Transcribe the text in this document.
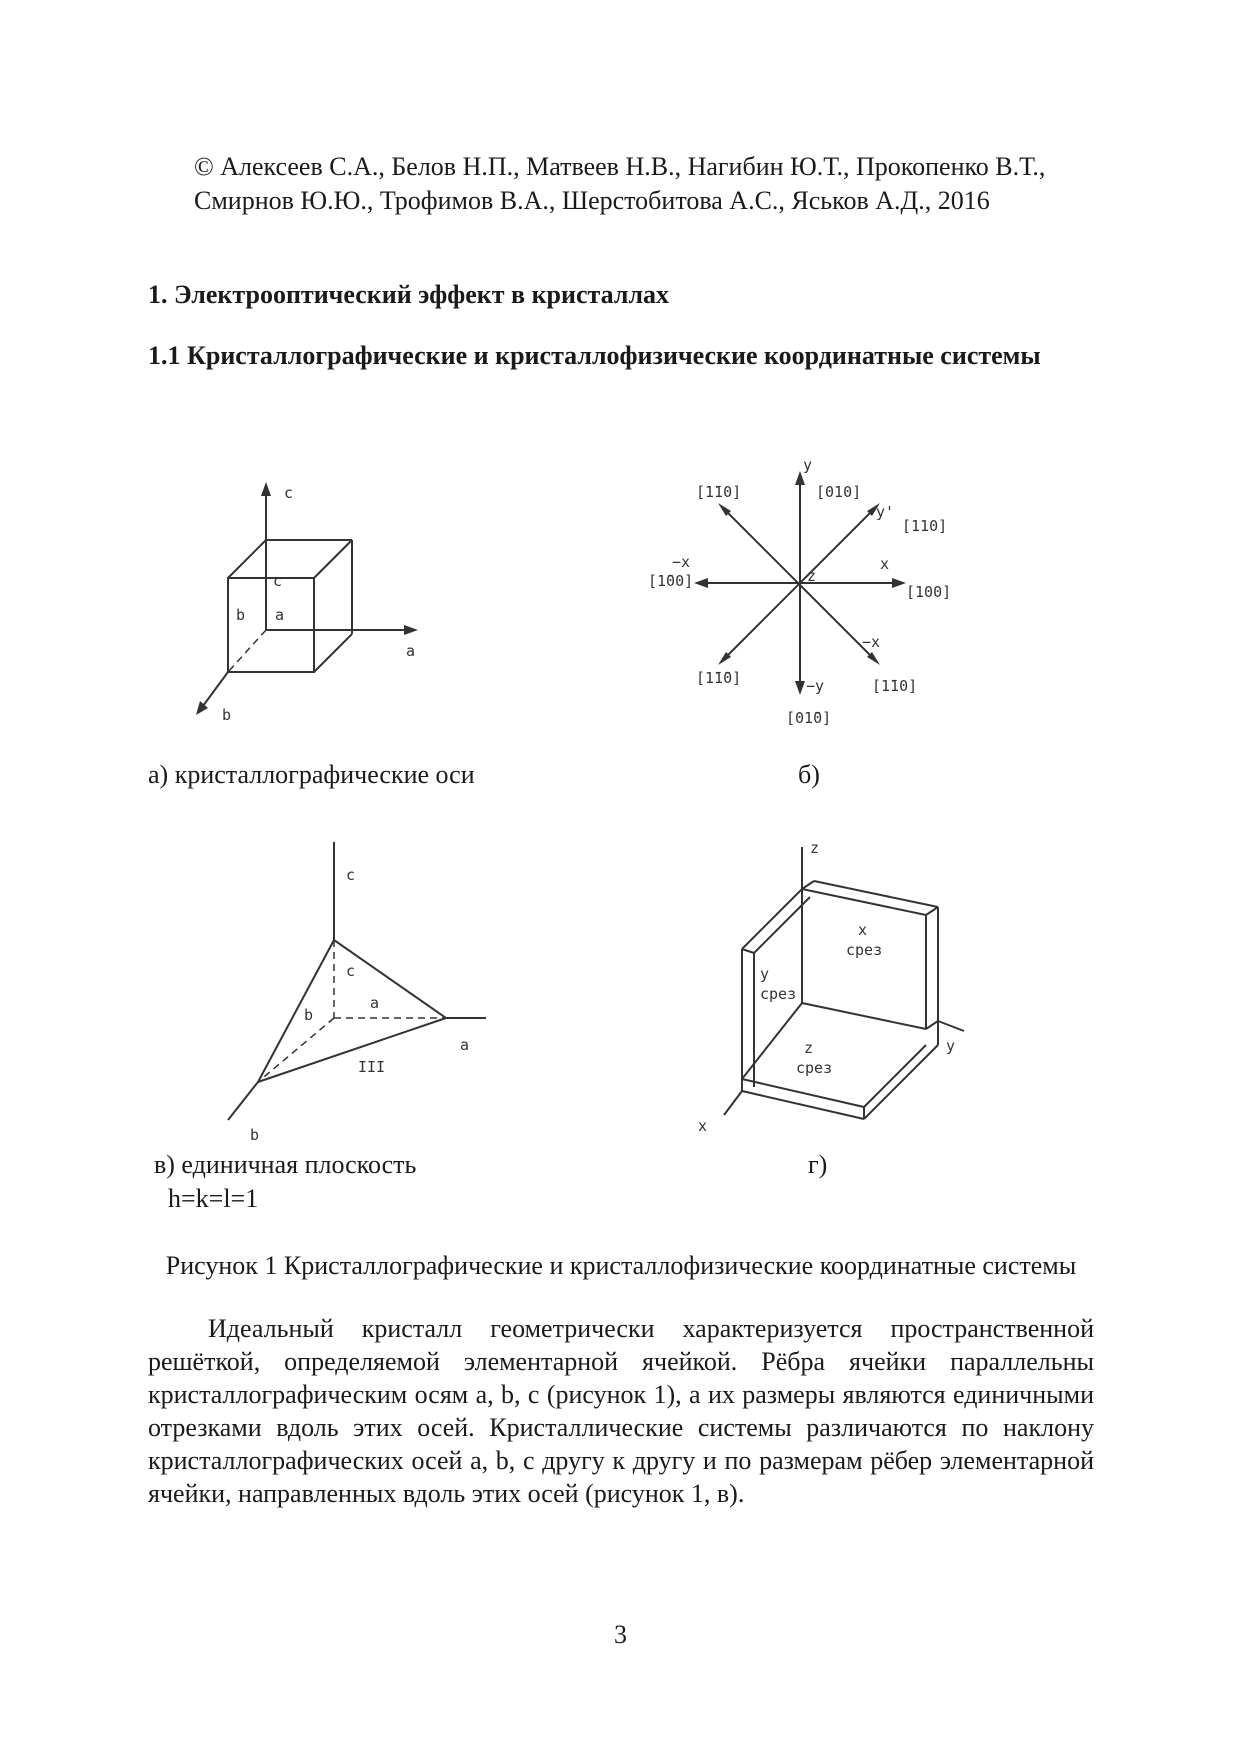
© Алексеев С.А., Белов Н.П., Матвеев Н.В., Нагибин Ю.Т., Прокопенко В.Т., Смирнов Ю.Ю., Трофимов В.А., Шерстобитова А.С., Яськов А.Д., 2016
1. Электрооптический эффект в кристаллах
1.1 Кристаллографические и кристаллофизические координатные системы
c
c
a
b
a
b
y
[010]
[1̄10]
y'
[110]
−x
[1̄00]
x
[100]
z
−x
[1̄1̄0]	−y	[1̄10]
[01̄0]
а) кристаллографические оси	б)
c
c
a
b
a
III
b
z
x
срез
y
срез
z
срез
y
x
в) единичная плоскость
h=k=l=1
г)
Рисунок 1 Кристаллографические и кристаллофизические координатные системы

Идеальный кристалл геометрически характеризуется пространственной решёткой, определяемой элементарной ячейкой. Рёбра ячейки параллельны кристаллографическим осям a, b, c (рисунок 1), а их размеры являются единичными отрезками вдоль этих осей. Кристаллические системы различаются по наклону кристаллографических осей a, b, c другу к другу и по размерам рёбер элементарной ячейки, направленных вдоль этих осей (рисунок 1, в).

3
